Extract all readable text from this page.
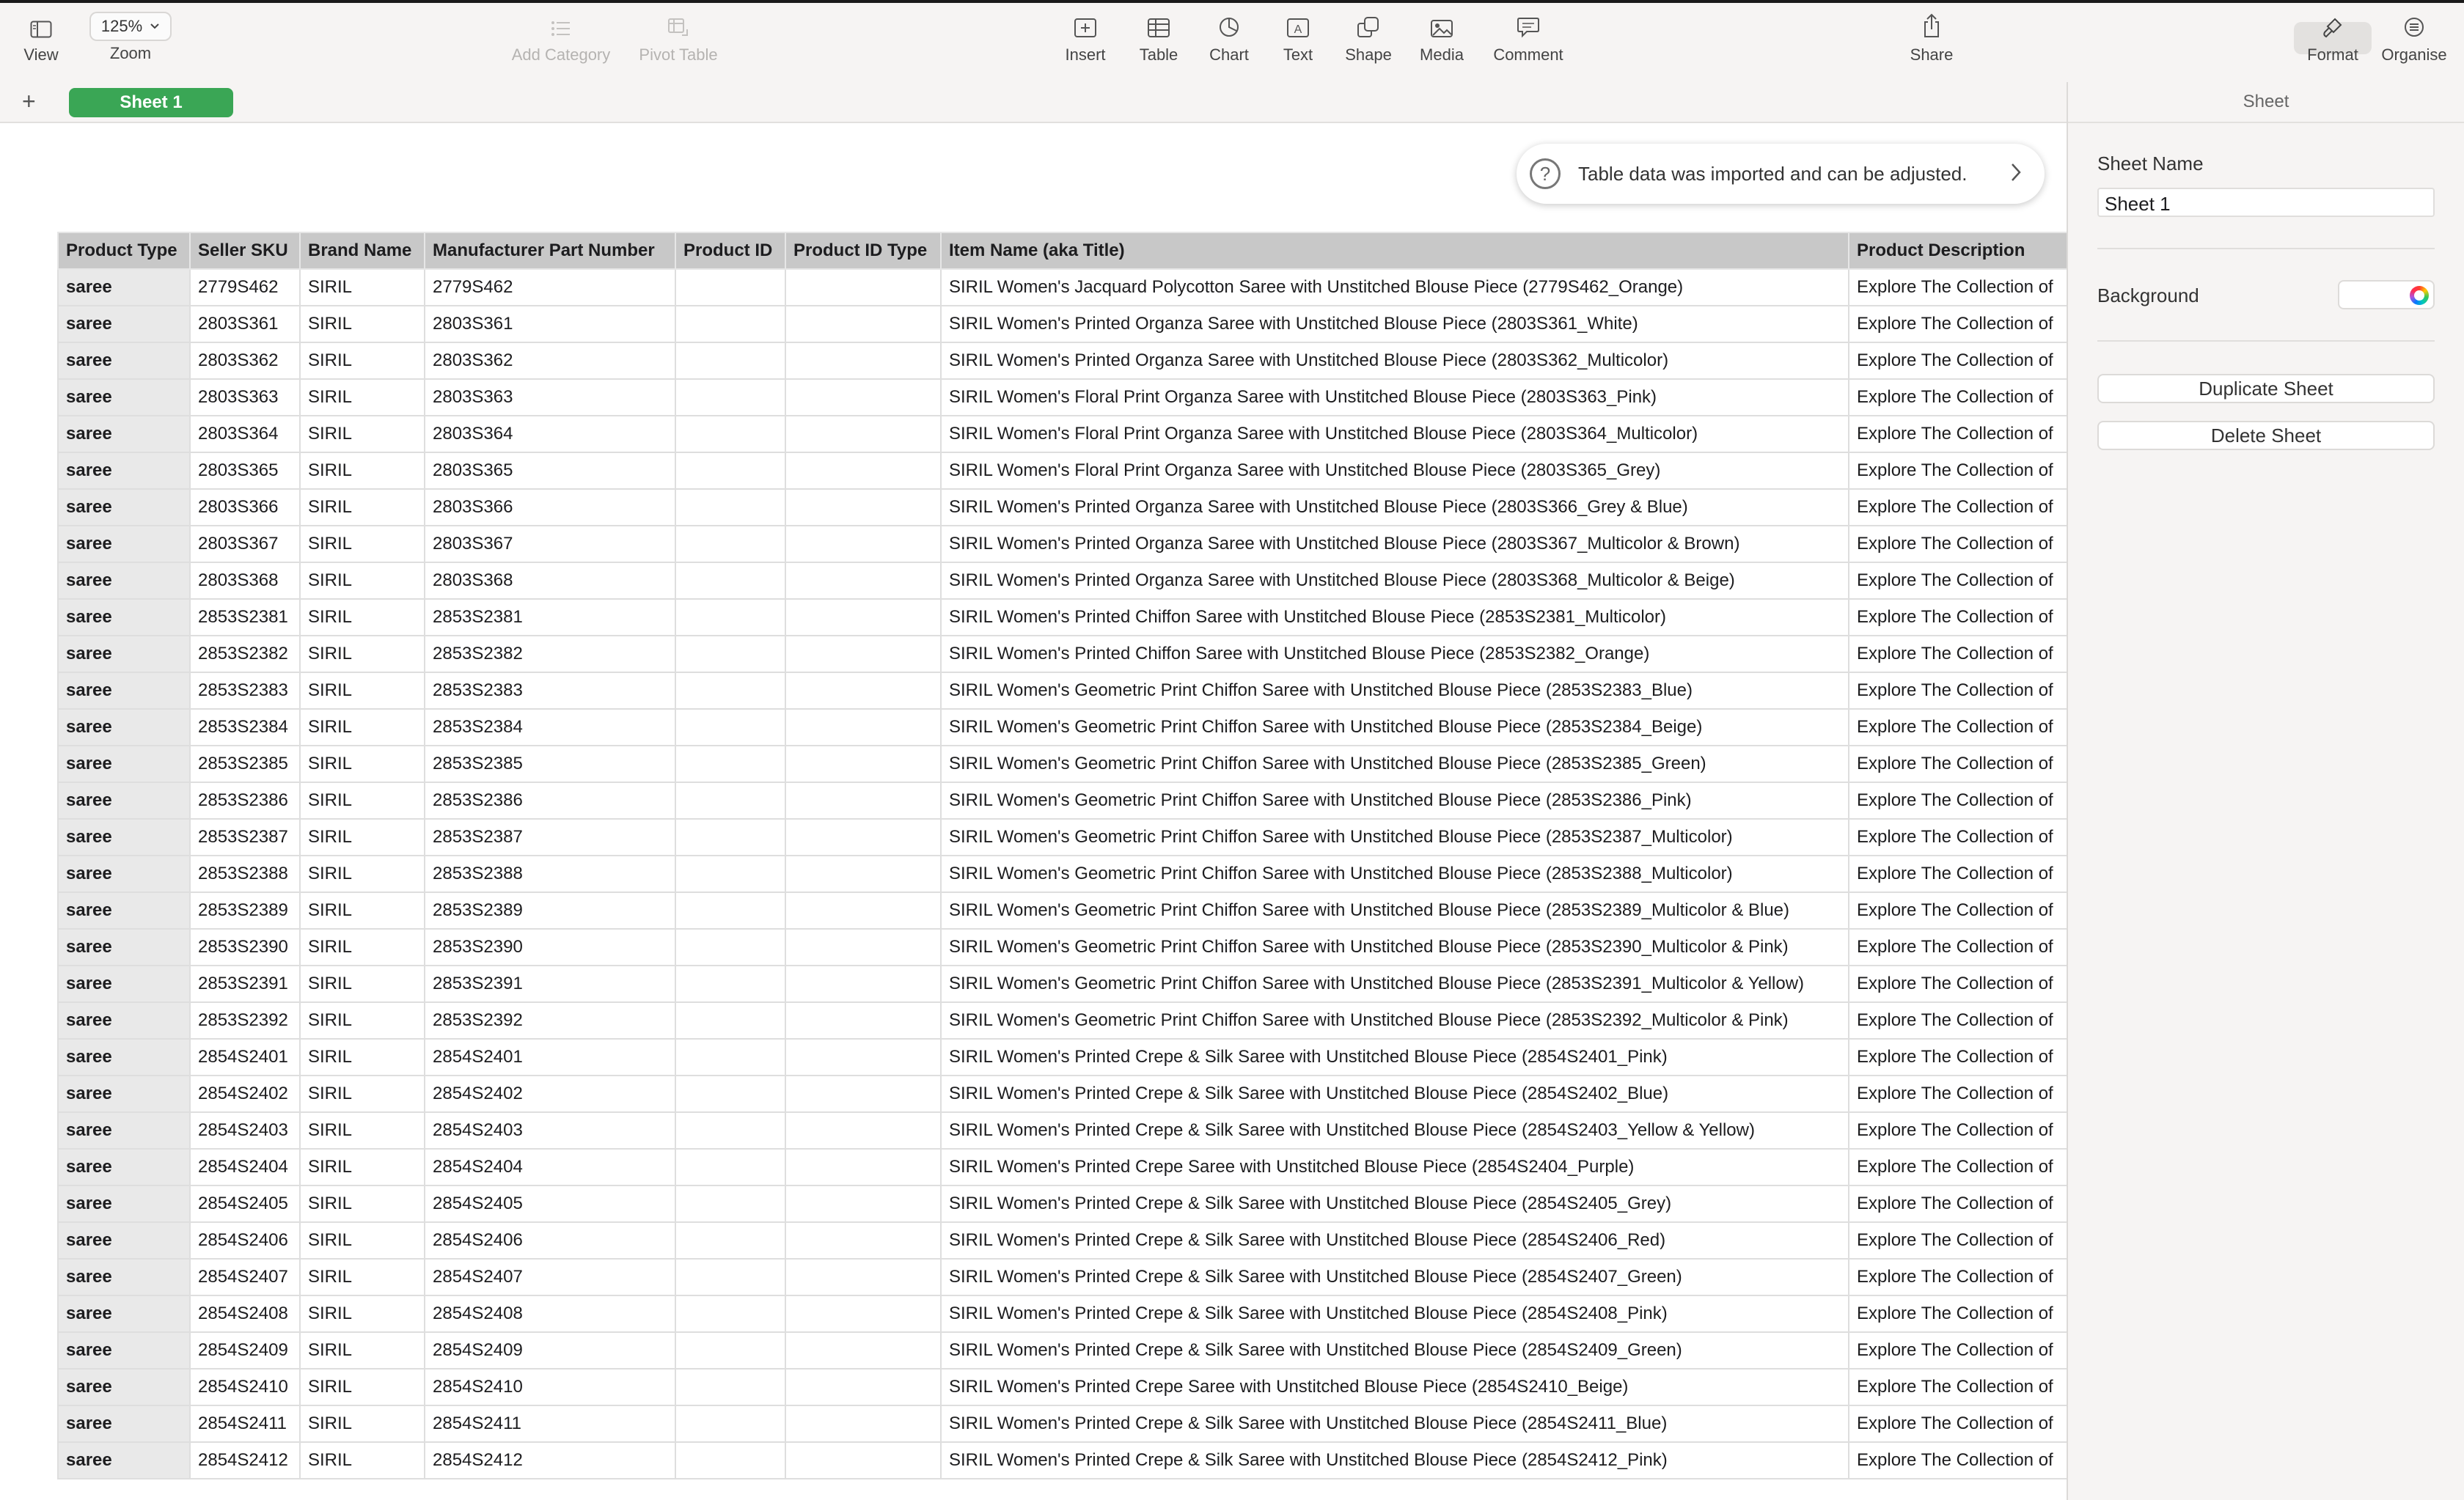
View
125%
Zoom	Add Category Pivot Table	Insert Table Chart
A
Text Shape Media Comment	Share	Format Organise
+	Sheet 1	Sheet
Sheet Name
Sheet 1
Background
Duplicate Sheet
Delete Sheet
?	Table data was imported and can be adjusted.
Product Type	Seller SKU	Brand Name	Manufacturer Part Number	Product ID	Product ID Type	Item Name (aka Title)	Product Description
saree	2779S462	SIRIL	2779S462			SIRIL Women's Jacquard Polycotton Saree with Unstitched Blouse Piece (2779S462_Orange)	Explore The Collection of
saree	2803S361	SIRIL	2803S361			SIRIL Women's Printed Organza Saree with Unstitched Blouse Piece (2803S361_White)	Explore The Collection of
saree	2803S362	SIRIL	2803S362			SIRIL Women's Printed Organza Saree with Unstitched Blouse Piece (2803S362_Multicolor)	Explore The Collection of
saree	2803S363	SIRIL	2803S363			SIRIL Women's Floral Print Organza Saree with Unstitched Blouse Piece (2803S363_Pink)	Explore The Collection of
saree	2803S364	SIRIL	2803S364			SIRIL Women's Floral Print Organza Saree with Unstitched Blouse Piece (2803S364_Multicolor)	Explore The Collection of
saree	2803S365	SIRIL	2803S365			SIRIL Women's Floral Print Organza Saree with Unstitched Blouse Piece (2803S365_Grey)	Explore The Collection of
saree	2803S366	SIRIL	2803S366			SIRIL Women's Printed Organza Saree with Unstitched Blouse Piece (2803S366_Grey & Blue)	Explore The Collection of
saree	2803S367	SIRIL	2803S367			SIRIL Women's Printed Organza Saree with Unstitched Blouse Piece (2803S367_Multicolor & Brown)	Explore The Collection of
saree	2803S368	SIRIL	2803S368			SIRIL Women's Printed Organza Saree with Unstitched Blouse Piece (2803S368_Multicolor & Beige)	Explore The Collection of
saree	2853S2381	SIRIL	2853S2381			SIRIL Women's Printed Chiffon Saree with Unstitched Blouse Piece (2853S2381_Multicolor)	Explore The Collection of
saree	2853S2382	SIRIL	2853S2382			SIRIL Women's Printed Chiffon Saree with Unstitched Blouse Piece (2853S2382_Orange)	Explore The Collection of
saree	2853S2383	SIRIL	2853S2383			SIRIL Women's Geometric Print Chiffon Saree with Unstitched Blouse Piece (2853S2383_Blue)	Explore The Collection of
saree	2853S2384	SIRIL	2853S2384			SIRIL Women's Geometric Print Chiffon Saree with Unstitched Blouse Piece (2853S2384_Beige)	Explore The Collection of
saree	2853S2385	SIRIL	2853S2385			SIRIL Women's Geometric Print Chiffon Saree with Unstitched Blouse Piece (2853S2385_Green)	Explore The Collection of
saree	2853S2386	SIRIL	2853S2386			SIRIL Women's Geometric Print Chiffon Saree with Unstitched Blouse Piece (2853S2386_Pink)	Explore The Collection of
saree	2853S2387	SIRIL	2853S2387			SIRIL Women's Geometric Print Chiffon Saree with Unstitched Blouse Piece (2853S2387_Multicolor)	Explore The Collection of
saree	2853S2388	SIRIL	2853S2388			SIRIL Women's Geometric Print Chiffon Saree with Unstitched Blouse Piece (2853S2388_Multicolor)	Explore The Collection of
saree	2853S2389	SIRIL	2853S2389			SIRIL Women's Geometric Print Chiffon Saree with Unstitched Blouse Piece (2853S2389_Multicolor & Blue)	Explore The Collection of
saree	2853S2390	SIRIL	2853S2390			SIRIL Women's Geometric Print Chiffon Saree with Unstitched Blouse Piece (2853S2390_Multicolor & Pink)	Explore The Collection of
saree	2853S2391	SIRIL	2853S2391			SIRIL Women's Geometric Print Chiffon Saree with Unstitched Blouse Piece (2853S2391_Multicolor & Yellow)	Explore The Collection of
saree	2853S2392	SIRIL	2853S2392			SIRIL Women's Geometric Print Chiffon Saree with Unstitched Blouse Piece (2853S2392_Multicolor & Pink)	Explore The Collection of
saree	2854S2401	SIRIL	2854S2401			SIRIL Women's Printed Crepe & Silk Saree with Unstitched Blouse Piece (2854S2401_Pink)	Explore The Collection of
saree	2854S2402	SIRIL	2854S2402			SIRIL Women's Printed Crepe & Silk Saree with Unstitched Blouse Piece (2854S2402_Blue)	Explore The Collection of
saree	2854S2403	SIRIL	2854S2403			SIRIL Women's Printed Crepe & Silk Saree with Unstitched Blouse Piece (2854S2403_Yellow & Yellow)	Explore The Collection of
saree	2854S2404	SIRIL	2854S2404			SIRIL Women's Printed Crepe Saree with Unstitched Blouse Piece (2854S2404_Purple)	Explore The Collection of
saree	2854S2405	SIRIL	2854S2405			SIRIL Women's Printed Crepe & Silk Saree with Unstitched Blouse Piece (2854S2405_Grey)	Explore The Collection of
saree	2854S2406	SIRIL	2854S2406			SIRIL Women's Printed Crepe & Silk Saree with Unstitched Blouse Piece (2854S2406_Red)	Explore The Collection of
saree	2854S2407	SIRIL	2854S2407			SIRIL Women's Printed Crepe & Silk Saree with Unstitched Blouse Piece (2854S2407_Green)	Explore The Collection of
saree	2854S2408	SIRIL	2854S2408			SIRIL Women's Printed Crepe & Silk Saree with Unstitched Blouse Piece (2854S2408_Pink)	Explore The Collection of
saree	2854S2409	SIRIL	2854S2409			SIRIL Women's Printed Crepe & Silk Saree with Unstitched Blouse Piece (2854S2409_Green)	Explore The Collection of
saree	2854S2410	SIRIL	2854S2410			SIRIL Women's Printed Crepe Saree with Unstitched Blouse Piece (2854S2410_Beige)	Explore The Collection of
saree	2854S2411	SIRIL	2854S2411			SIRIL Women's Printed Crepe & Silk Saree with Unstitched Blouse Piece (2854S2411_Blue)	Explore The Collection of
saree	2854S2412	SIRIL	2854S2412			SIRIL Women's Printed Crepe & Silk Saree with Unstitched Blouse Piece (2854S2412_Pink)	Explore The Collection of
